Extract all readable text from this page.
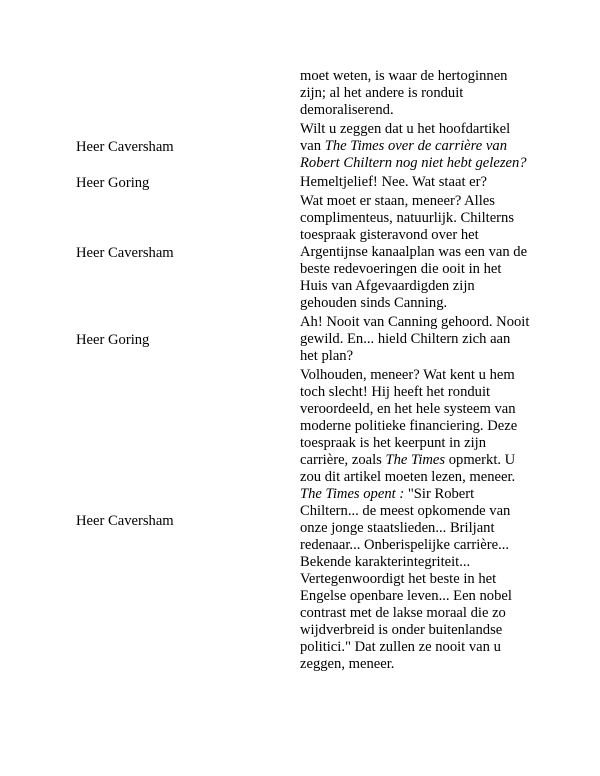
	moet weten, is waar de hertoginnen zijn; al het andere is ronduit demoraliserend.

Heer Caversham	Wilt u zeggen dat u het hoofdartikel van The Times over de carrière van Robert Chiltern nog niet hebt gelezen?

Heer Goring	Hemeltjelief! Nee. Wat staat er?

Heer Caversham	Wat moet er staan, meneer? Alles complimenteus, natuurlijk. Chilterns toespraak gisteravond over het Argentijnse kanaalplan was een van de beste redevoeringen die ooit in het Huis van Afgevaardigden zijn gehouden sinds Canning.

Heer Goring	Ah! Nooit van Canning gehoord. Nooit gewild. En... hield Chiltern zich aan het plan?

Heer Caversham	Volhouden, meneer? Wat kent u hem toch slecht! Hij heeft het ronduit veroordeeld, en het hele systeem van moderne politieke financiering. Deze toespraak is het keerpunt in zijn carrière, zoals The Times opmerkt. U zou dit artikel moeten lezen, meneer. The Times opent : "Sir Robert Chiltern... de meest opkomende van onze jonge staatslieden... Briljant redenaar... Onberispelijke carrière... Bekende karakterintegriteit... Vertegenwoordigt het beste in het Engelse openbare leven... Een nobel contrast met de lakse moraal die zo wijdverbreid is onder buitenlandse politici." Dat zullen ze nooit van u zeggen, meneer.
